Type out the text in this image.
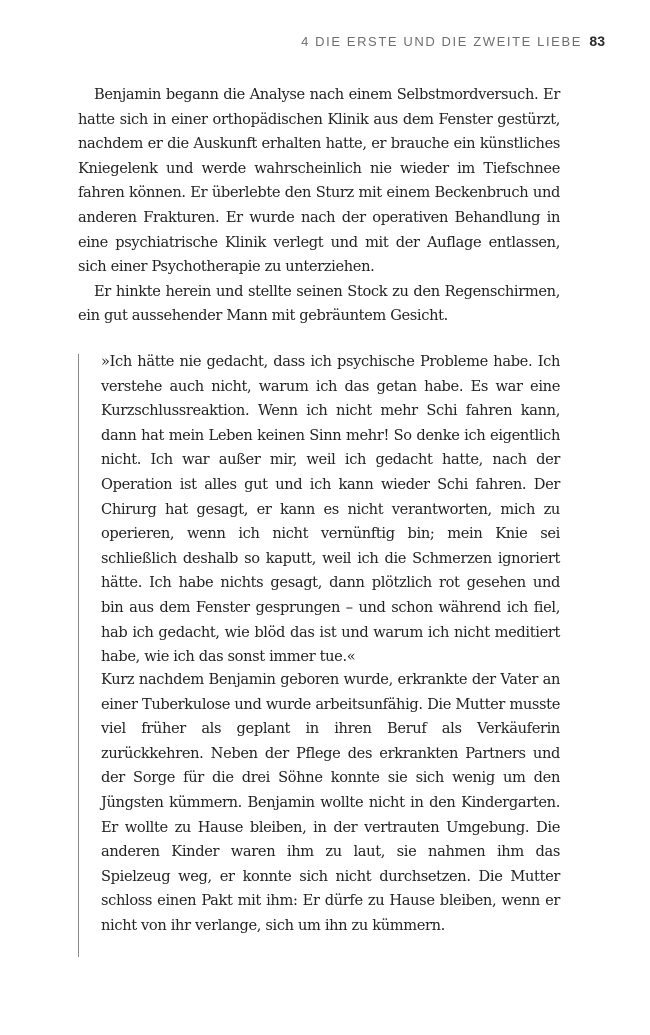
4 DIE ERSTE UND DIE ZWEITE LIEBE 83

Benjamin begann die Analyse nach einem Selbstmordversuch. Er hatte sich in einer orthopädischen Klinik aus dem Fenster gestürzt, nachdem er die Auskunft erhalten hatte, er brauche ein künstliches Kniegelenk und werde wahrscheinlich nie wieder im Tiefschnee fahren können. Er überlebte den Sturz mit einem Beckenbruch und anderen Frakturen. Er wurde nach der operativen Behandlung in eine psychiatrische Klinik verlegt und mit der Auflage entlassen, sich einer Psychotherapie zu unterziehen.

Er hinkte herein und stellte seinen Stock zu den Regenschirmen, ein gut aussehender Mann mit gebräuntem Gesicht.

»Ich hätte nie gedacht, dass ich psychische Probleme habe. Ich verstehe auch nicht, warum ich das getan habe. Es war eine Kurzschlussreaktion. Wenn ich nicht mehr Schi fahren kann, dann hat mein Leben keinen Sinn mehr! So denke ich eigentlich nicht. Ich war außer mir, weil ich gedacht hatte, nach der Operation ist alles gut und ich kann wieder Schi fahren. Der Chirurg hat gesagt, er kann es nicht verantworten, mich zu operieren, wenn ich nicht vernünftig bin; mein Knie sei schließlich deshalb so kaputt, weil ich die Schmerzen ignoriert hätte. Ich habe nichts gesagt, dann plötzlich rot gesehen und bin aus dem Fenster gesprungen – und schon während ich fiel, hab ich gedacht, wie blöd das ist und warum ich nicht meditiert habe, wie ich das sonst immer tue.«

Kurz nachdem Benjamin geboren wurde, erkrankte der Vater an einer Tuberkulose und wurde arbeitsunfähig. Die Mutter musste viel früher als geplant in ihren Beruf als Verkäuferin zurückkehren. Neben der Pflege des erkrankten Partners und der Sorge für die drei Söhne konnte sie sich wenig um den Jüngsten kümmern. Benjamin wollte nicht in den Kindergarten. Er wollte zu Hause bleiben, in der vertrauten Umgebung. Die anderen Kinder waren ihm zu laut, sie nahmen ihm das Spielzeug weg, er konnte sich nicht durchsetzen. Die Mutter schloss einen Pakt mit ihm: Er dürfe zu Hause bleiben, wenn er nicht von ihr verlange, sich um ihn zu kümmern.
